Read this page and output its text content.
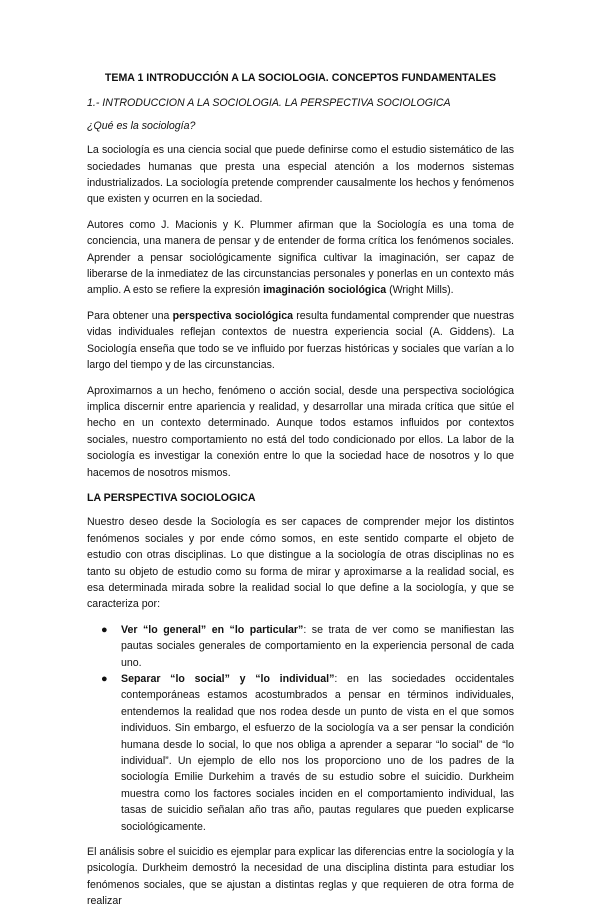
TEMA 1 INTRODUCCIÓN A LA SOCIOLOGIA. CONCEPTOS FUNDAMENTALES
1.- INTRODUCCION A LA SOCIOLOGIA. LA PERSPECTIVA SOCIOLOGICA
¿Qué es la sociología?

La sociología es una ciencia social que puede definirse como el estudio sistemático de las sociedades humanas que presta una especial atención a los modernos sistemas industrializados. La sociología pretende comprender causalmente los hechos y fenómenos que existen y ocurren en la sociedad.

Autores como J. Macionis y K. Plummer afirman que la Sociología es una toma de conciencia, una manera de pensar y de entender de forma crítica los fenómenos sociales. Aprender a pensar sociológicamente significa cultivar la imaginación, ser capaz de liberarse de la inmediatez de las circunstancias personales y ponerlas en un contexto más amplio. A esto se refiere la expresión imaginación sociológica (Wright Mills).

Para obtener una perspectiva sociológica resulta fundamental comprender que nuestras vidas individuales reflejan contextos de nuestra experiencia social (A. Giddens). La Sociología enseña que todo se ve influido por fuerzas históricas y sociales que varían a lo largo del tiempo y de las circunstancias.

Aproximarnos a un hecho, fenómeno o acción social, desde una perspectiva sociológica implica discernir entre apariencia y realidad, y desarrollar una mirada crítica que sitúe el hecho en un contexto determinado. Aunque todos estamos influidos por contextos sociales, nuestro comportamiento no está del todo condicionado por ellos. La labor de la sociología es investigar la conexión entre lo que la sociedad hace de nosotros y lo que hacemos de nosotros mismos.

LA PERSPECTIVA SOCIOLOGICA

Nuestro deseo desde la Sociología es ser capaces de comprender mejor los distintos fenómenos sociales y por ende cómo somos, en este sentido comparte el objeto de estudio con otras disciplinas. Lo que distingue a la sociología de otras disciplinas no es tanto su objeto de estudio como su forma de mirar y aproximarse a la realidad social, es esa determinada mirada sobre la realidad social lo que define a la sociología, y que se caracteriza por:

● Ver “lo general” en “lo particular”: se trata de ver como se manifiestan las pautas sociales generales de comportamiento en la experiencia personal de cada uno.
● Separar “lo social” y “lo individual”: en las sociedades occidentales contemporáneas estamos acostumbrados a pensar en términos individuales, entendemos la realidad que nos rodea desde un punto de vista en el que somos individuos. Sin embargo, el esfuerzo de la sociología va a ser pensar la condición humana desde lo social, lo que nos obliga a aprender a separar “lo social” de “lo individual”. Un ejemplo de ello nos los proporciono uno de los padres de la sociología Emilie Durkehim a través de su estudio sobre el suicidio. Durkheim muestra como los factores sociales inciden en el comportamiento individual, las tasas de suicidio señalan año tras año, pautas regulares que pueden explicarse sociológicamente.

El análisis sobre el suicidio es ejemplar para explicar las diferencias entre la sociología y la psicología. Durkheim demostró la necesidad de una disciplina distinta para estudiar los fenómenos sociales, que se ajustan a distintas reglas y que requieren de otra forma de realizar
